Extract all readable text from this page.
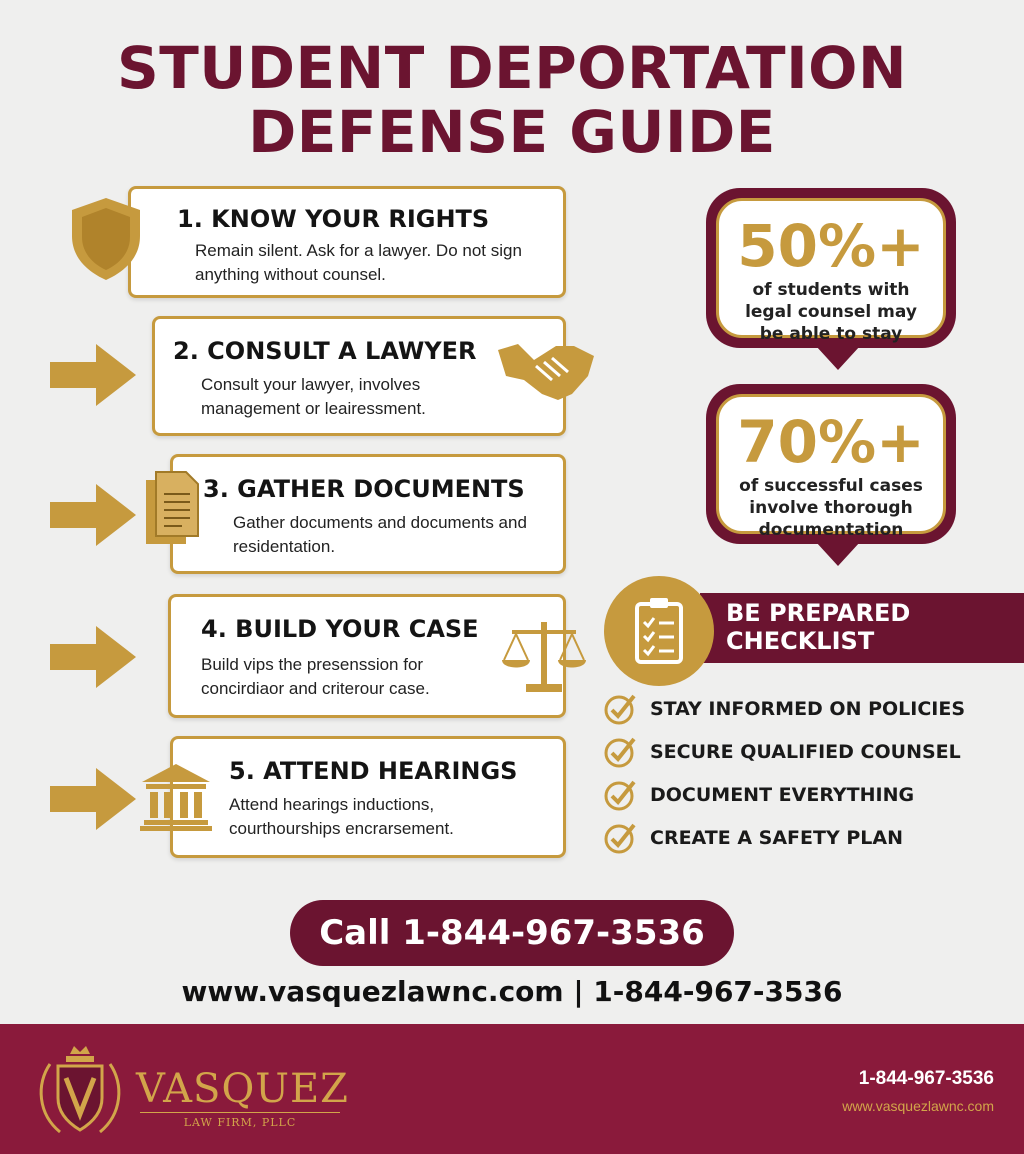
STUDENT DEPORTATION
DEFENSE GUIDE
1. KNOW YOUR RIGHTS
Remain silent. Ask for a lawyer. Do not sign anything without counsel.
2. CONSULT A LAWYER
Consult your lawyer, involves management or leairessment.
3. GATHER DOCUMENTS
Gather documents and documents and residentation.
4. BUILD YOUR CASE
Build vips the presenssion for concirdiaor and criterour case.
5. ATTEND HEARINGS
Attend hearings inductions, courthourships encrarsement.
50%+
of students with
legal counsel may
be able to stay
70%+
of successful cases
involve thorough
documentation
BE PREPARED
CHECKLIST
STAY INFORMED ON POLICIES
SECURE QUALIFIED COUNSEL
DOCUMENT EVERYTHING
CREATE A SAFETY PLAN
Call 1-844-967-3536
www.vasquezlawnc.com | 1-844-967-3536
VASQUEZ
LAW FIRM, PLLC
1-844-967-3536
www.vasquezlawnc.com
